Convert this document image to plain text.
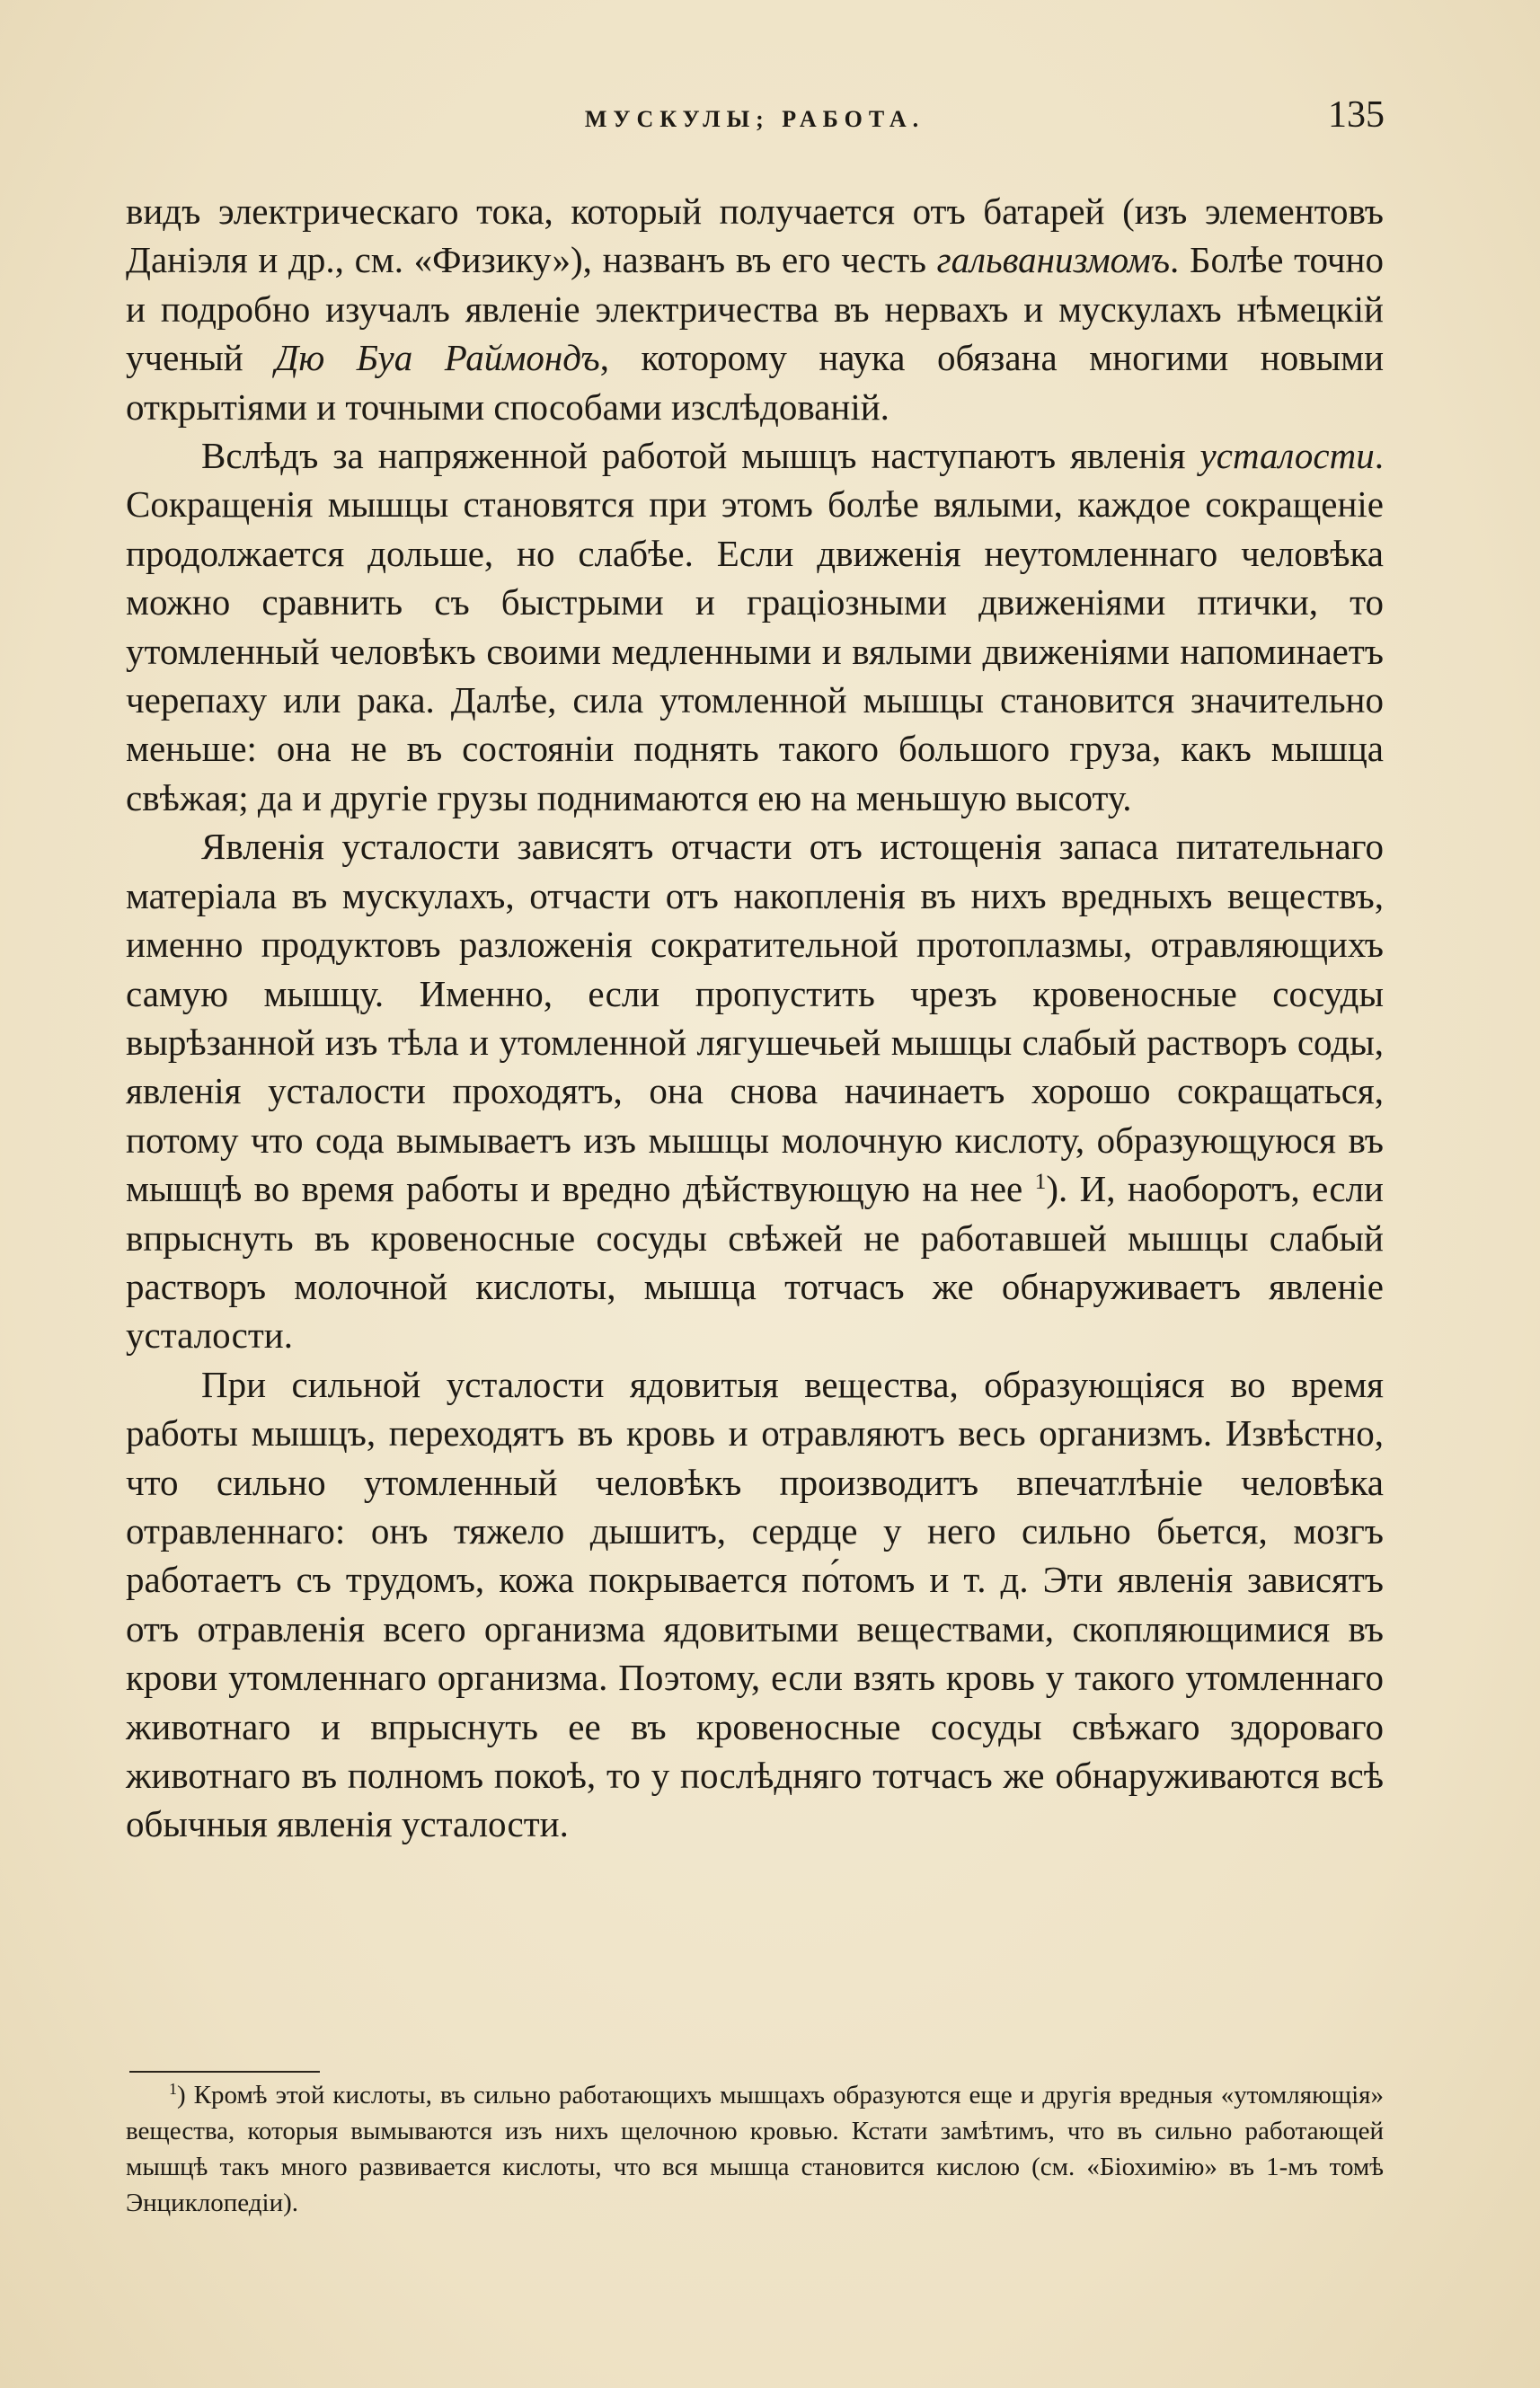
МУСКУЛЫ; РАБОТА.	135

видъ электрическаго тока, который получается отъ батарей (изъ элементовъ Даніэля и др., см. «Физику»), названъ въ его честь гальванизмомъ. Болѣе точно и подробно изучалъ явленіе электричества въ нервахъ и мускулахъ нѣмецкій ученый Дю Буа Раймондъ, которому наука обязана многими новыми открытіями и точными способами изслѣдованій.

Вслѣдъ за напряженной работой мышцъ наступаютъ явленія усталости. Сокращенія мышцы становятся при этомъ болѣе вялыми, каждое сокращеніе продолжается дольше, но слабѣе. Если движенія неутомленнаго человѣка можно сравнить съ быстрыми и граціозными движеніями птички, то утомленный человѣкъ своими медленными и вялыми движеніями напоминаетъ черепаху или рака. Далѣе, сила утомленной мышцы становится значительно меньше: она не въ состояніи поднять такого большого груза, какъ мышца свѣжая; да и другіе грузы поднимаются ею на меньшую высоту.

Явленія усталости зависятъ отчасти отъ истощенія запаса питательнаго матеріала въ мускулахъ, отчасти отъ накопленія въ нихъ вредныхъ веществъ, именно продуктовъ разложенія сократительной протоплазмы, отравляющихъ самую мышцу. Именно, если пропустить чрезъ кровеносные сосуды вырѣзанной изъ тѣла и утомленной лягушечьей мышцы слабый растворъ соды, явленія усталости проходятъ, она снова начинаетъ хорошо сокращаться, потому что сода вымываетъ изъ мышцы молочную кислоту, образующуюся въ мышцѣ во время работы и вредно дѣйствующую на нее $^1$). И, наоборотъ, если впрыснуть въ кровеносные сосуды свѣжей не работавшей мышцы слабый растворъ молочной кислоты, мышца тотчасъ же обнаруживаетъ явленіе усталости.

При сильной усталости ядовитыя вещества, образующіяся во время работы мышцъ, переходятъ въ кровь и отравляютъ весь организмъ. Извѣстно, что сильно утомленный человѣкъ производитъ впечатлѣніе человѣка отравленнаго: онъ тяжело дышитъ, сердце у него сильно бьется, мозгъ работаетъ съ трудомъ, кожа покрывается по́томъ и т. д. Эти явленія зависятъ отъ отравленія всего организма ядовитыми веществами, скопляющимися въ крови утомленнаго организма. Поэтому, если взять кровь у такого утомленнаго животнаго и впрыснуть ее въ кровеносные сосуды свѣжаго здороваго животнаго въ полномъ покоѣ, то у послѣдняго тотчасъ же обнаруживаются всѣ обычныя явленія усталости.

$^1$) Кромѣ этой кислоты, въ сильно работающихъ мышцахъ образуются еще и другія вредныя «утомляющія» вещества, которыя вымываются изъ нихъ щелочною кровью. Кстати замѣтимъ, что въ сильно работающей мышцѣ такъ много развивается кислоты, что вся мышца становится кислою (см. «Біохимію» въ 1-мъ томѣ Энциклопедіи).
